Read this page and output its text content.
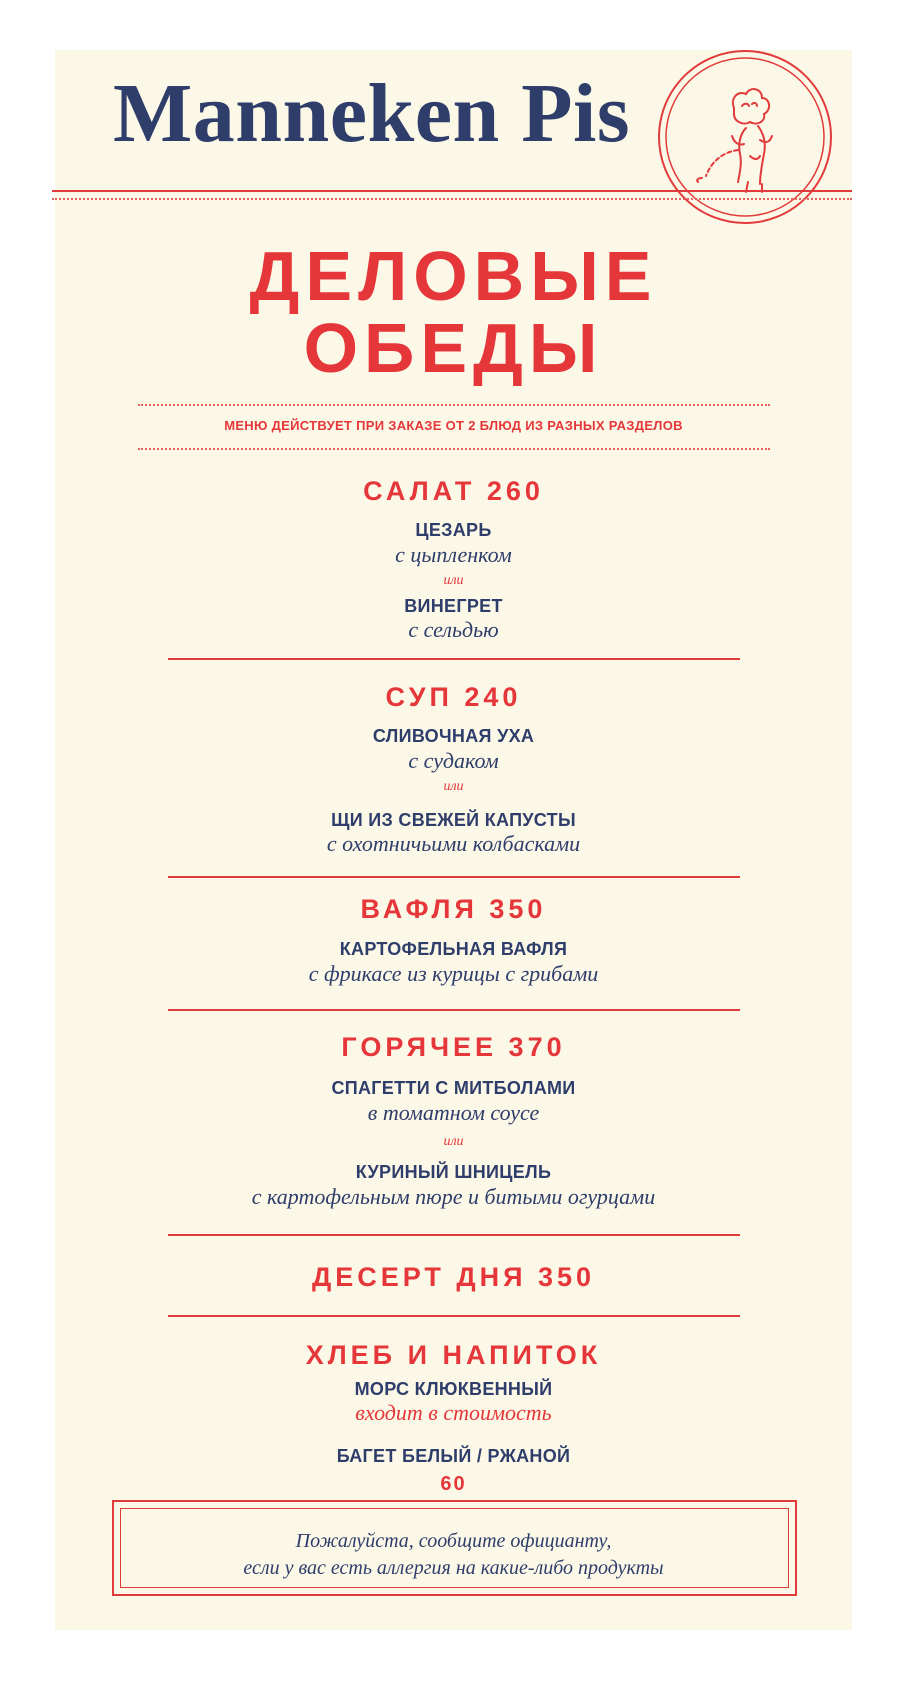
Manneken Pis
ДЕЛОВЫЕ
ОБЕДЫ
МЕНЮ ДЕЙСТВУЕТ ПРИ ЗАКАЗЕ ОТ 2 БЛЮД ИЗ РАЗНЫХ РАЗДЕЛОВ
САЛАТ 260
ЦЕЗАРЬ
с цыпленком
или
ВИНЕГРЕТ
с сельдью
СУП 240
СЛИВОЧНАЯ УХА
с судаком
или
ЩИ ИЗ СВЕЖЕЙ КАПУСТЫ
с охотничьими колбасками
ВАФЛЯ 350
КАРТОФЕЛЬНАЯ ВАФЛЯ
с фрикасе из курицы с грибами
ГОРЯЧЕЕ 370
СПАГЕТТИ С МИТБОЛАМИ
в томатном соусе
или
КУРИНЫЙ ШНИЦЕЛЬ
с картофельным пюре и битыми огурцами
ДЕСЕРТ ДНЯ 350
ХЛЕБ И НАПИТОК
МОРС КЛЮКВЕННЫЙ
входит в стоимость
БАГЕТ БЕЛЫЙ / РЖАНОЙ
60
Пожалуйста, сообщите официанту,
если у вас есть аллергия на какие-либо продукты
